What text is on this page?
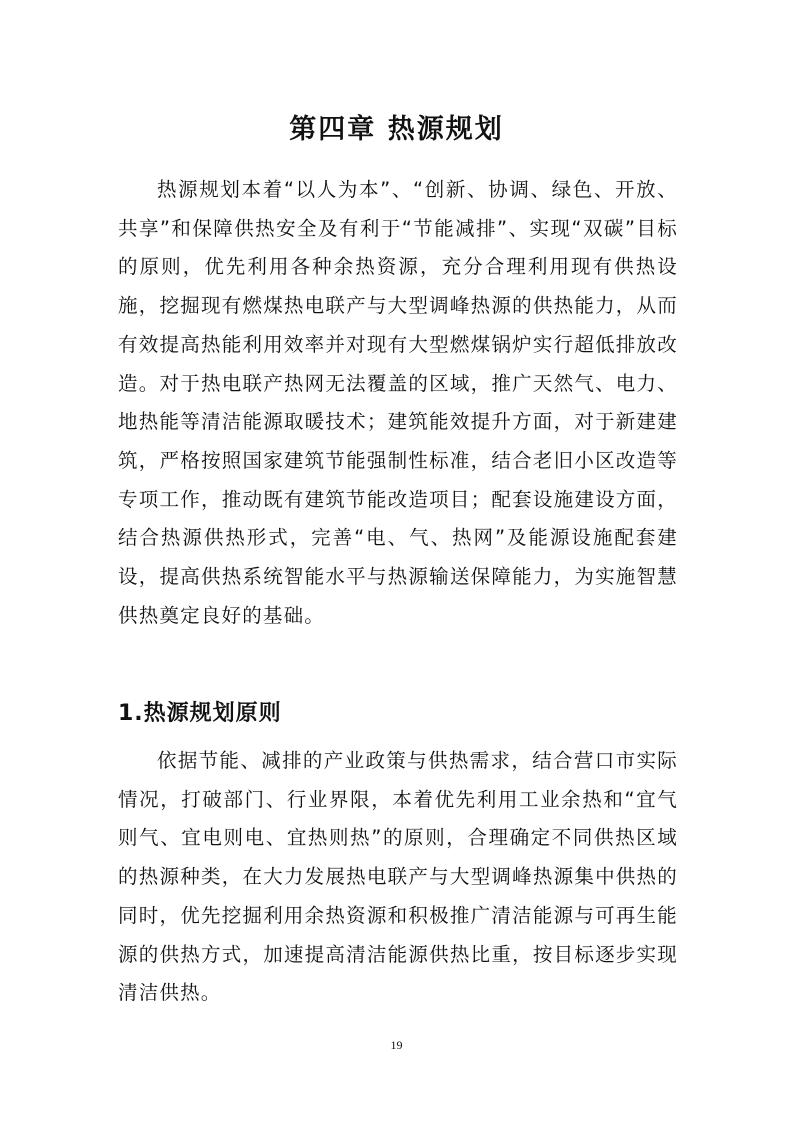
第四章 热源规划

热源规划本着“以人为本”、“创新、协调、绿色、开放、共享”和保障供热安全及有利于“节能减排”、实现“双碳”目标的原则，优先利用各种余热资源，充分合理利用现有供热设施，挖掘现有燃煤热电联产与大型调峰热源的供热能力，从而有效提高热能利用效率并对现有大型燃煤锅炉实行超低排放改造。对于热电联产热网无法覆盖的区域，推广天然气、电力、地热能等清洁能源取暖技术；建筑能效提升方面，对于新建建筑，严格按照国家建筑节能强制性标准，结合老旧小区改造等专项工作，推动既有建筑节能改造项目；配套设施建设方面，结合热源供热形式，完善“电、气、热网”及能源设施配套建设，提高供热系统智能水平与热源输送保障能力，为实施智慧供热奠定良好的基础。

1.热源规划原则

依据节能、减排的产业政策与供热需求，结合营口市实际情况，打破部门、行业界限，本着优先利用工业余热和“宜气则气、宜电则电、宜热则热”的原则，合理确定不同供热区域的热源种类，在大力发展热电联产与大型调峰热源集中供热的同时，优先挖掘利用余热资源和积极推广清洁能源与可再生能源的供热方式，加速提高清洁能源供热比重，按目标逐步实现清洁供热。

19
